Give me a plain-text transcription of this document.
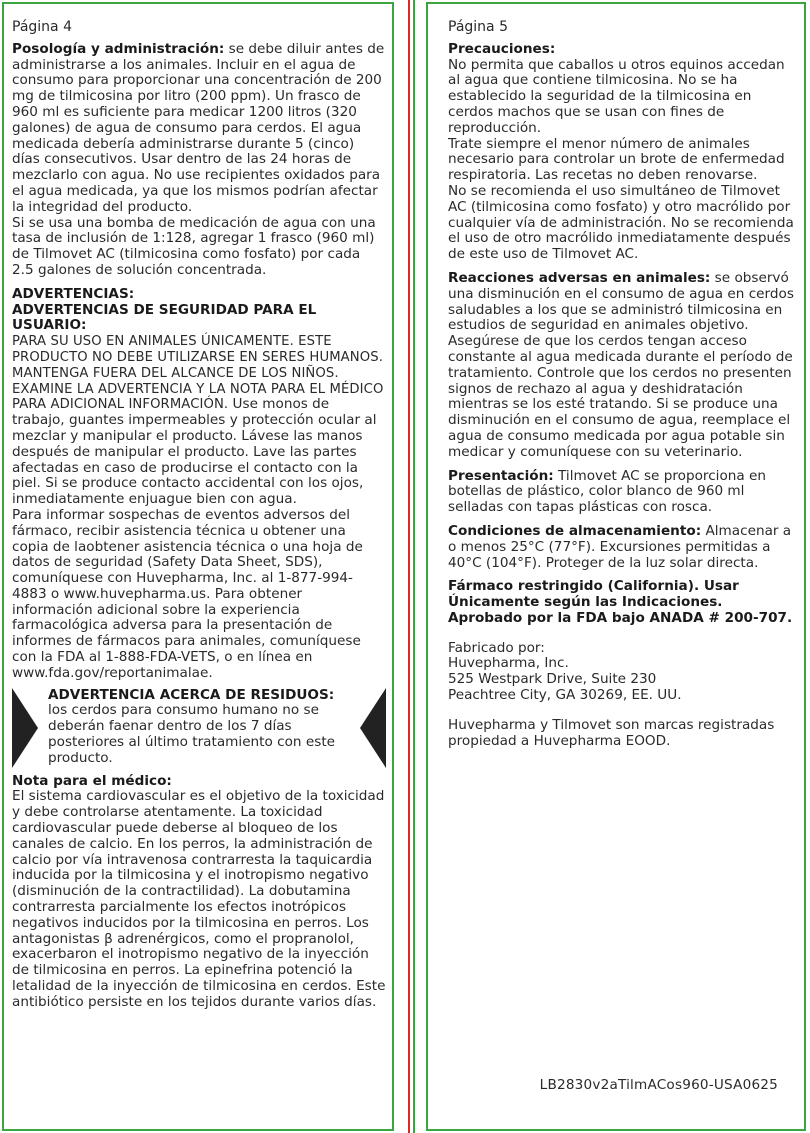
Página 4

Posología y administración: se debe diluir antes de administrarse a los animales. Incluir en el agua de consumo para proporcionar una concentración de 200 mg de tilmicosina por litro (200 ppm). Un frasco de 960 ml es suficiente para medicar 1200 litros (320 galones) de agua de consumo para cerdos. El agua medicada debería administrarse durante 5 (cinco) días consecutivos. Usar dentro de las 24 horas de mezclarlo con agua. No use recipientes oxidados para el agua medicada, ya que los mismos podrían afectar la integridad del producto.

Si se usa una bomba de medicación de agua con una tasa de inclusión de 1:128, agregar 1 frasco (960 ml) de Tilmovet AC (tilmicosina como fosfato) por cada 2.5 galones de solución concentrada.

ADVERTENCIAS:

ADVERTENCIAS DE SEGURIDAD PARA EL USUARIO:

PARA SU USO EN ANIMALES ÚNICAMENTE. ESTE PRODUCTO NO DEBE UTILIZARSE EN SERES HUMANOS. MANTENGA FUERA DEL ALCANCE DE LOS NIÑOS. EXAMINE LA ADVERTENCIA Y LA NOTA PARA EL MÉDICO PARA ADICIONAL INFORMACIÓN. Use monos de trabajo, guantes impermeables y protección ocular al mezclar y manipular el producto. Lávese las manos después de manipular el producto. Lave las partes afectadas en caso de producirse el contacto con la piel. Si se produce contacto accidental con los ojos, inmediatamente enjuague bien con agua.

Para informar sospechas de eventos adversos del fármaco, recibir asistencia técnica u obtener una copia de laobtener asistencia técnica o una hoja de datos de seguridad (Safety Data Sheet, SDS), comuníquese con Huvepharma, Inc. al 1-877-994-4883 o www.huvepharma.us. Para obtener información adicional sobre la experiencia farmacológica adversa para la presentación de informes de fármacos para animales, comuníquese con la FDA al 1-888-FDA-VETS, o en línea en www.fda.gov/reportanimalae.

ADVERTENCIA ACERCA DE RESIDUOS: los cerdos para consumo humano no se deberán faenar dentro de los 7 días posteriores al último tratamiento con este producto.

Nota para el médico:

El sistema cardiovascular es el objetivo de la toxicidad y debe controlarse atentamente. La toxicidad cardiovascular puede deberse al bloqueo de los canales de calcio. En los perros, la administración de calcio por vía intravenosa contrarresta la taquicardia inducida por la tilmicosina y el inotropismo negativo (disminución de la contractilidad). La dobutamina contrarresta parcialmente los efectos inotrópicos negativos inducidos por la tilmicosina en perros. Los antagonistas β adrenérgicos, como el propranolol, exacerbaron el inotropismo negativo de la inyección de tilmicosina en perros. La epinefrina potenció la letalidad de la inyección de tilmicosina en cerdos. Este antibiótico persiste en los tejidos durante varios días.

Página 5

Precauciones:

No permita que caballos u otros equinos accedan al agua que contiene tilmicosina. No se ha establecido la seguridad de la tilmicosina en cerdos machos que se usan con fines de reproducción.

Trate siempre el menor número de animales necesario para controlar un brote de enfermedad respiratoria. Las recetas no deben renovarse.

No se recomienda el uso simultáneo de Tilmovet AC (tilmicosina como fosfato) y otro macrólido por cualquier vía de administración. No se recomienda el uso de otro macrólido inmediatamente después de este uso de Tilmovet AC.

Reacciones adversas en animales: se observó una disminución en el consumo de agua en cerdos saludables a los que se administró tilmicosina en estudios de seguridad en animales objetivo. Asegúrese de que los cerdos tengan acceso constante al agua medicada durante el período de tratamiento. Controle que los cerdos no presenten signos de rechazo al agua y deshidratación mientras se los esté tratando. Si se produce una disminución en el consumo de agua, reemplace el agua de consumo medicada por agua potable sin medicar y comuníquese con su veterinario.

Presentación: Tilmovet AC se proporciona en botellas de plástico, color blanco de 960 ml selladas con tapas plásticas con rosca.

Condiciones de almacenamiento: Almacenar a o menos 25°C (77°F). Excursiones permitidas a 40°C (104°F). Proteger de la luz solar directa.

Fármaco restringido (California). Usar

Únicamente según las Indicaciones.

Aprobado por la FDA bajo ANADA # 200-707.

Fabricado por:

Huvepharma, Inc.

525 Westpark Drive, Suite 230

Peachtree City, GA 30269, EE. UU.

Huvepharma y Tilmovet son marcas registradas propiedad a Huvepharma EOOD.

LB2830v2aTilmACos960-USA0625
